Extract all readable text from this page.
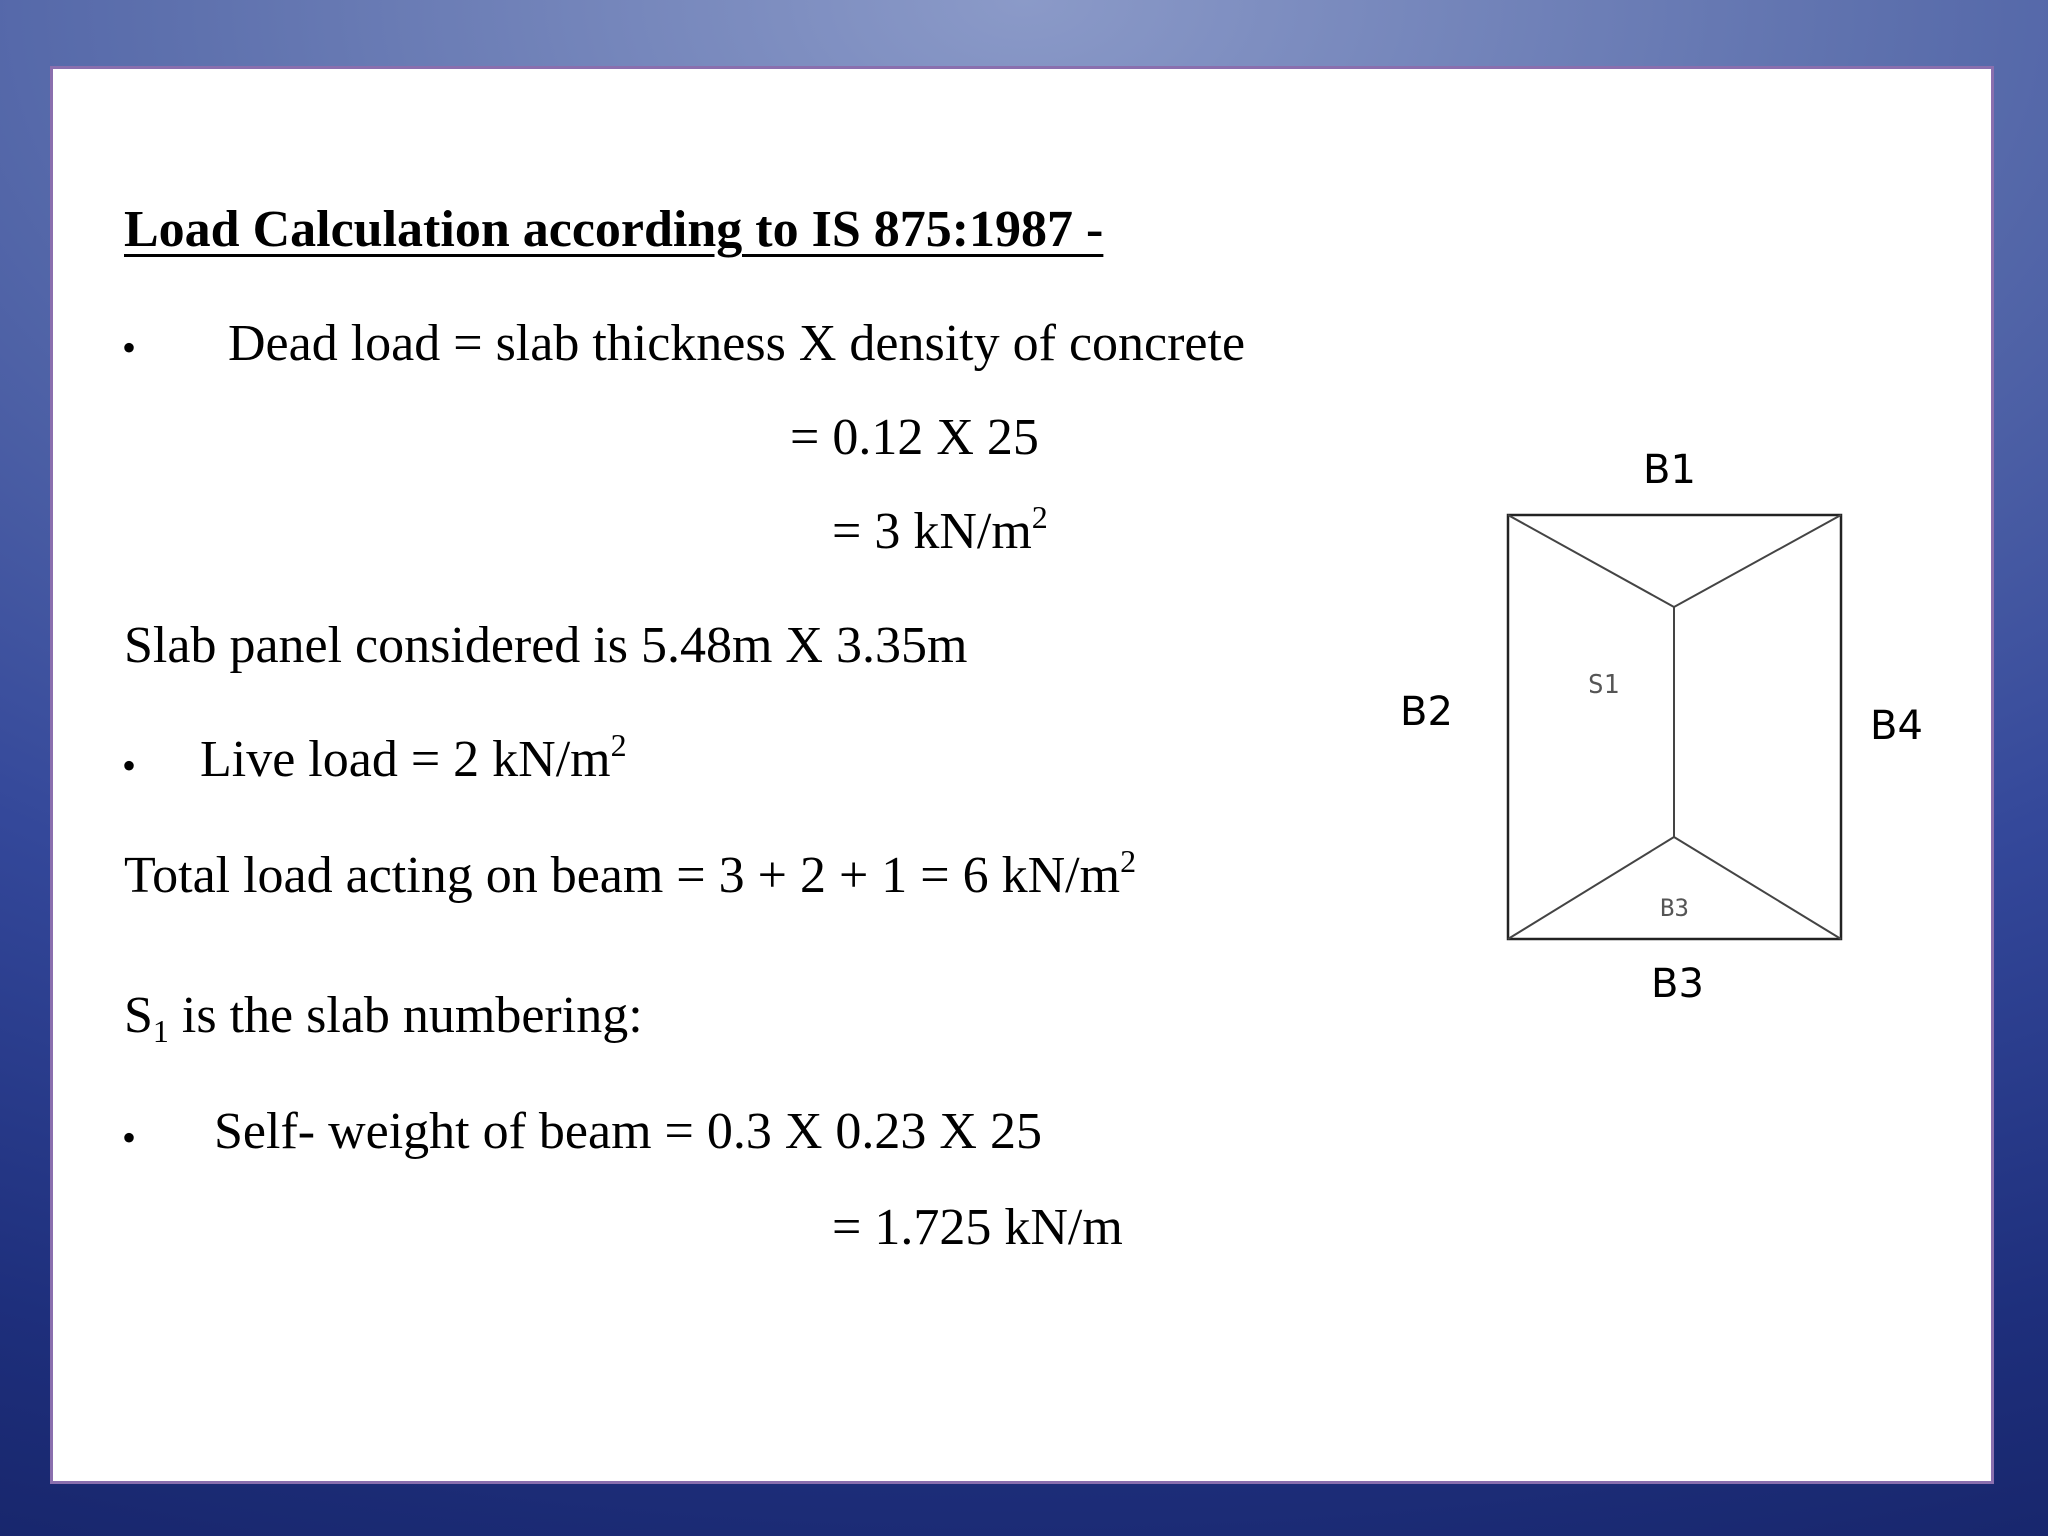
Load Calculation according to IS 875:1987 -
• Dead load = slab thickness X density of concrete
= 0.12 X 25
= 3 $kN/m^2$
Slab panel considered is 5.48m X 3.35m
• Live load = 2 $kN/m^2$
Total load acting on beam = 3 + 2 + 1 = 6 $kN/m^2$
$S_1$ is the slab numbering:
• Self- weight of beam = 0.3 X 0.23 X 25
= 1.725 kN/m
B1
B2	B4
B3
S1
B3
